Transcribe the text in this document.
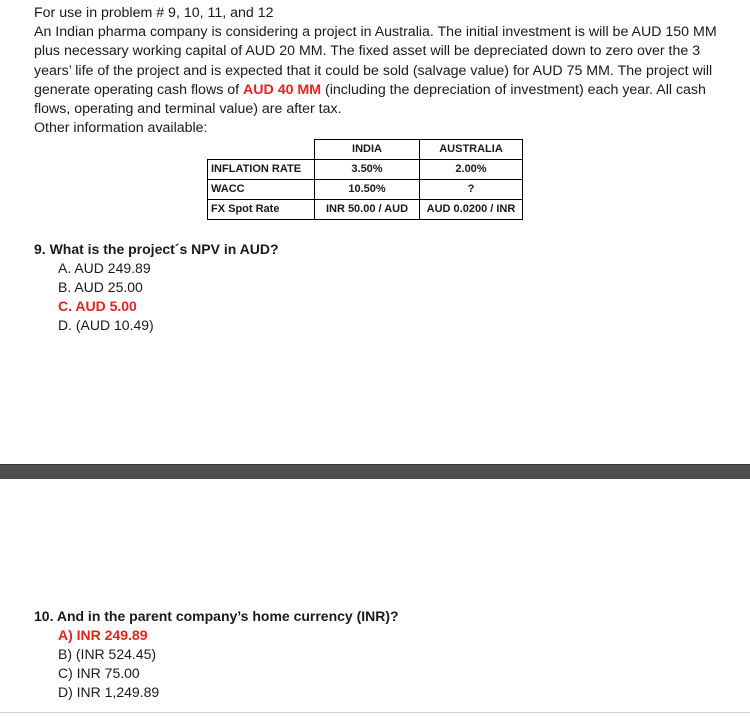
For use in problem # 9, 10, 11, and 12

An Indian pharma company is considering a project in Australia. The initial investment is will be AUD 150 MM plus necessary working capital of AUD 20 MM. The fixed asset will be depreciated down to zero over the 3 years’ life of the project and is expected that it could be sold (salvage value) for AUD 75 MM. The project will generate operating cash flows of AUD 40 MM (including the depreciation of investment) each year. All cash flows, operating and terminal value) are after tax.

Other information available:

	INDIA	AUSTRALIA
INFLATION RATE	3.50%	2.00%
WACC	10.50%	?
FX Spot Rate	INR 50.00 / AUD	AUD 0.0200 / INR

9. What is the project´s NPV in AUD?

A. AUD 249.89

B. AUD 25.00

C. AUD 5.00

D. (AUD 10.49)

10. And in the parent company’s home currency (INR)?

A) INR 249.89

B) (INR 524.45)

C) INR 75.00

D) INR 1,249.89
